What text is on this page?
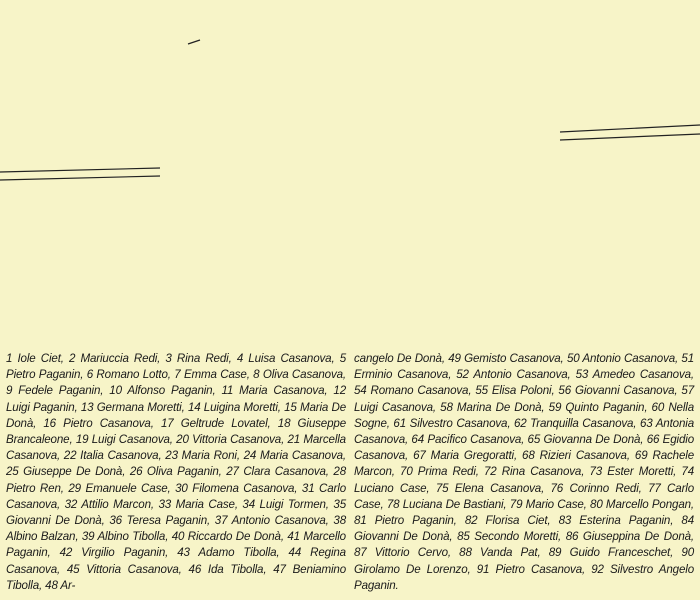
1 Iole Ciet, 2 Mariuccia Redi, 3 Rina Redi, 4 Luisa Casanova, 5 Pietro Paganin, 6 Romano Lotto, 7 Emma Case, 8 Oliva Casanova, 9 Fedele Paganin, 10 Alfonso Paganin, 11 Maria Casanova, 12 Luigi Paganin, 13 Germana Moretti, 14 Luigina Moretti, 15 Maria De Donà, 16 Pietro Casanova, 17 Geltrude Lovatel, 18 Giuseppe Brancaleone, 19 Luigi Casanova, 20 Vittoria Casanova, 21 Marcella Casanova, 22 Italia Casanova, 23 Maria Roni, 24 Maria Casanova, 25 Giuseppe De Donà, 26 Oliva Paganin, 27 Clara Casanova, 28 Pietro Ren, 29 Emanuele Case, 30 Filomena Casanova, 31 Carlo Casanova, 32 Attilio Marcon, 33 Maria Case, 34 Luigi Tormen, 35 Giovanni De Donà, 36 Teresa Paganin, 37 Antonio Casanova, 38 Albino Balzan, 39 Albino Tibolla, 40 Riccardo De Donà, 41 Marcello Paganin, 42 Virgilio Paganin, 43 Adamo Tibolla, 44 Regina Casanova, 45 Vittoria Casanova, 46 Ida Tibolla, 47 Beniamino Tibolla, 48 Ar-
cangelo De Donà, 49 Gemisto Casanova, 50 Antonio Casanova, 51 Erminio Casanova, 52 Antonio Casanova, 53 Amedeo Casanova, 54 Romano Casanova, 55 Elisa Poloni, 56 Giovanni Casanova, 57 Luigi Casanova, 58 Marina De Donà, 59 Quinto Paganin, 60 Nella Sogne, 61 Silvestro Casanova, 62 Tranquilla Casanova, 63 Antonia Casanova, 64 Pacifico Casanova, 65 Giovanna De Donà, 66 Egidio Casanova, 67 Maria Gregoratti, 68 Rizieri Casanova, 69 Rachele Marcon, 70 Prima Redi, 72 Rina Casanova, 73 Ester Moretti, 74 Luciano Case, 75 Elena Casanova, 76 Corinno Redi, 77 Carlo Case, 78 Luciana De Bastiani, 79 Mario Case, 80 Marcello Pongan, 81 Pietro Paganin, 82 Florisa Ciet, 83 Esterina Paganin, 84 Giovanni De Donà, 85 Secondo Moretti, 86 Giuseppina De Donà, 87 Vittorio Cervo, 88 Vanda Pat, 89 Guido Franceschet, 90 Girolamo De Lorenzo, 91 Pietro Casanova, 92 Silvestro Angelo Paganin.
